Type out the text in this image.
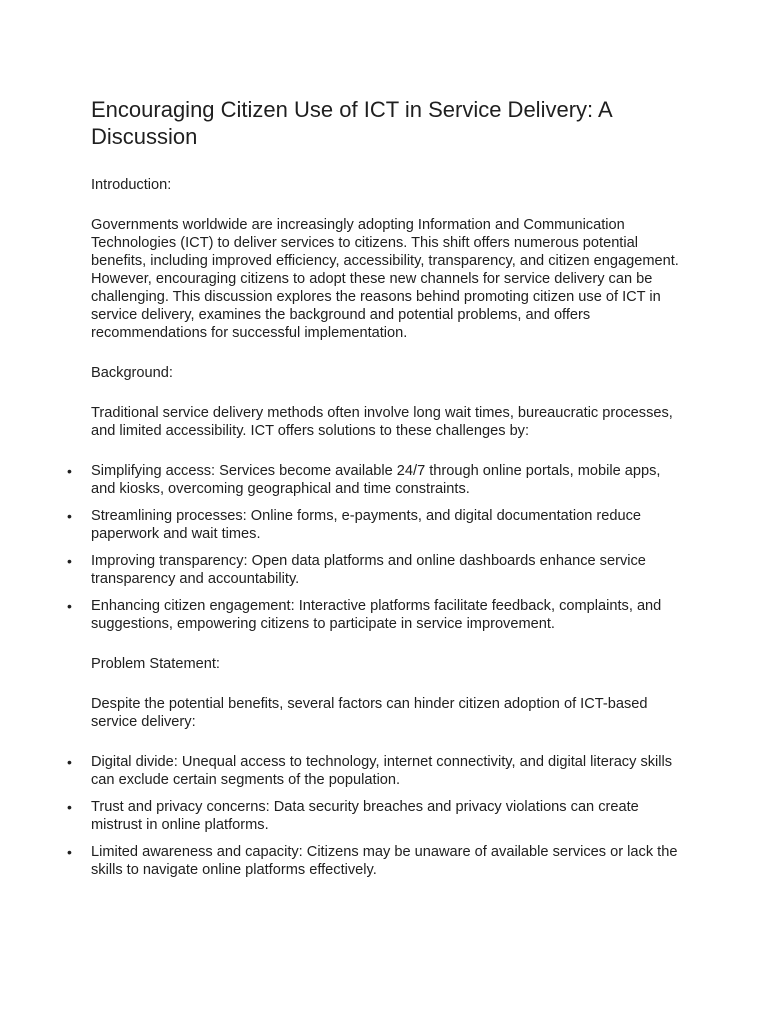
Encouraging Citizen Use of ICT in Service Delivery: A Discussion

Introduction:

Governments worldwide are increasingly adopting Information and Communication Technologies (ICT) to deliver services to citizens. This shift offers numerous potential benefits, including improved efficiency, accessibility, transparency, and citizen engagement. However, encouraging citizens to adopt these new channels for service delivery can be challenging. This discussion explores the reasons behind promoting citizen use of ICT in service delivery, examines the background and potential problems, and offers recommendations for successful implementation.

Background:

Traditional service delivery methods often involve long wait times, bureaucratic processes, and limited accessibility. ICT offers solutions to these challenges by:

• Simplifying access: Services become available 24/7 through online portals, mobile apps, and kiosks, overcoming geographical and time constraints.
• Streamlining processes: Online forms, e-payments, and digital documentation reduce paperwork and wait times.
• Improving transparency: Open data platforms and online dashboards enhance service transparency and accountability.
• Enhancing citizen engagement: Interactive platforms facilitate feedback, complaints, and suggestions, empowering citizens to participate in service improvement.

Problem Statement:

Despite the potential benefits, several factors can hinder citizen adoption of ICT-based service delivery:

• Digital divide: Unequal access to technology, internet connectivity, and digital literacy skills can exclude certain segments of the population.
• Trust and privacy concerns: Data security breaches and privacy violations can create mistrust in online platforms.
• Limited awareness and capacity: Citizens may be unaware of available services or lack the skills to navigate online platforms effectively.
